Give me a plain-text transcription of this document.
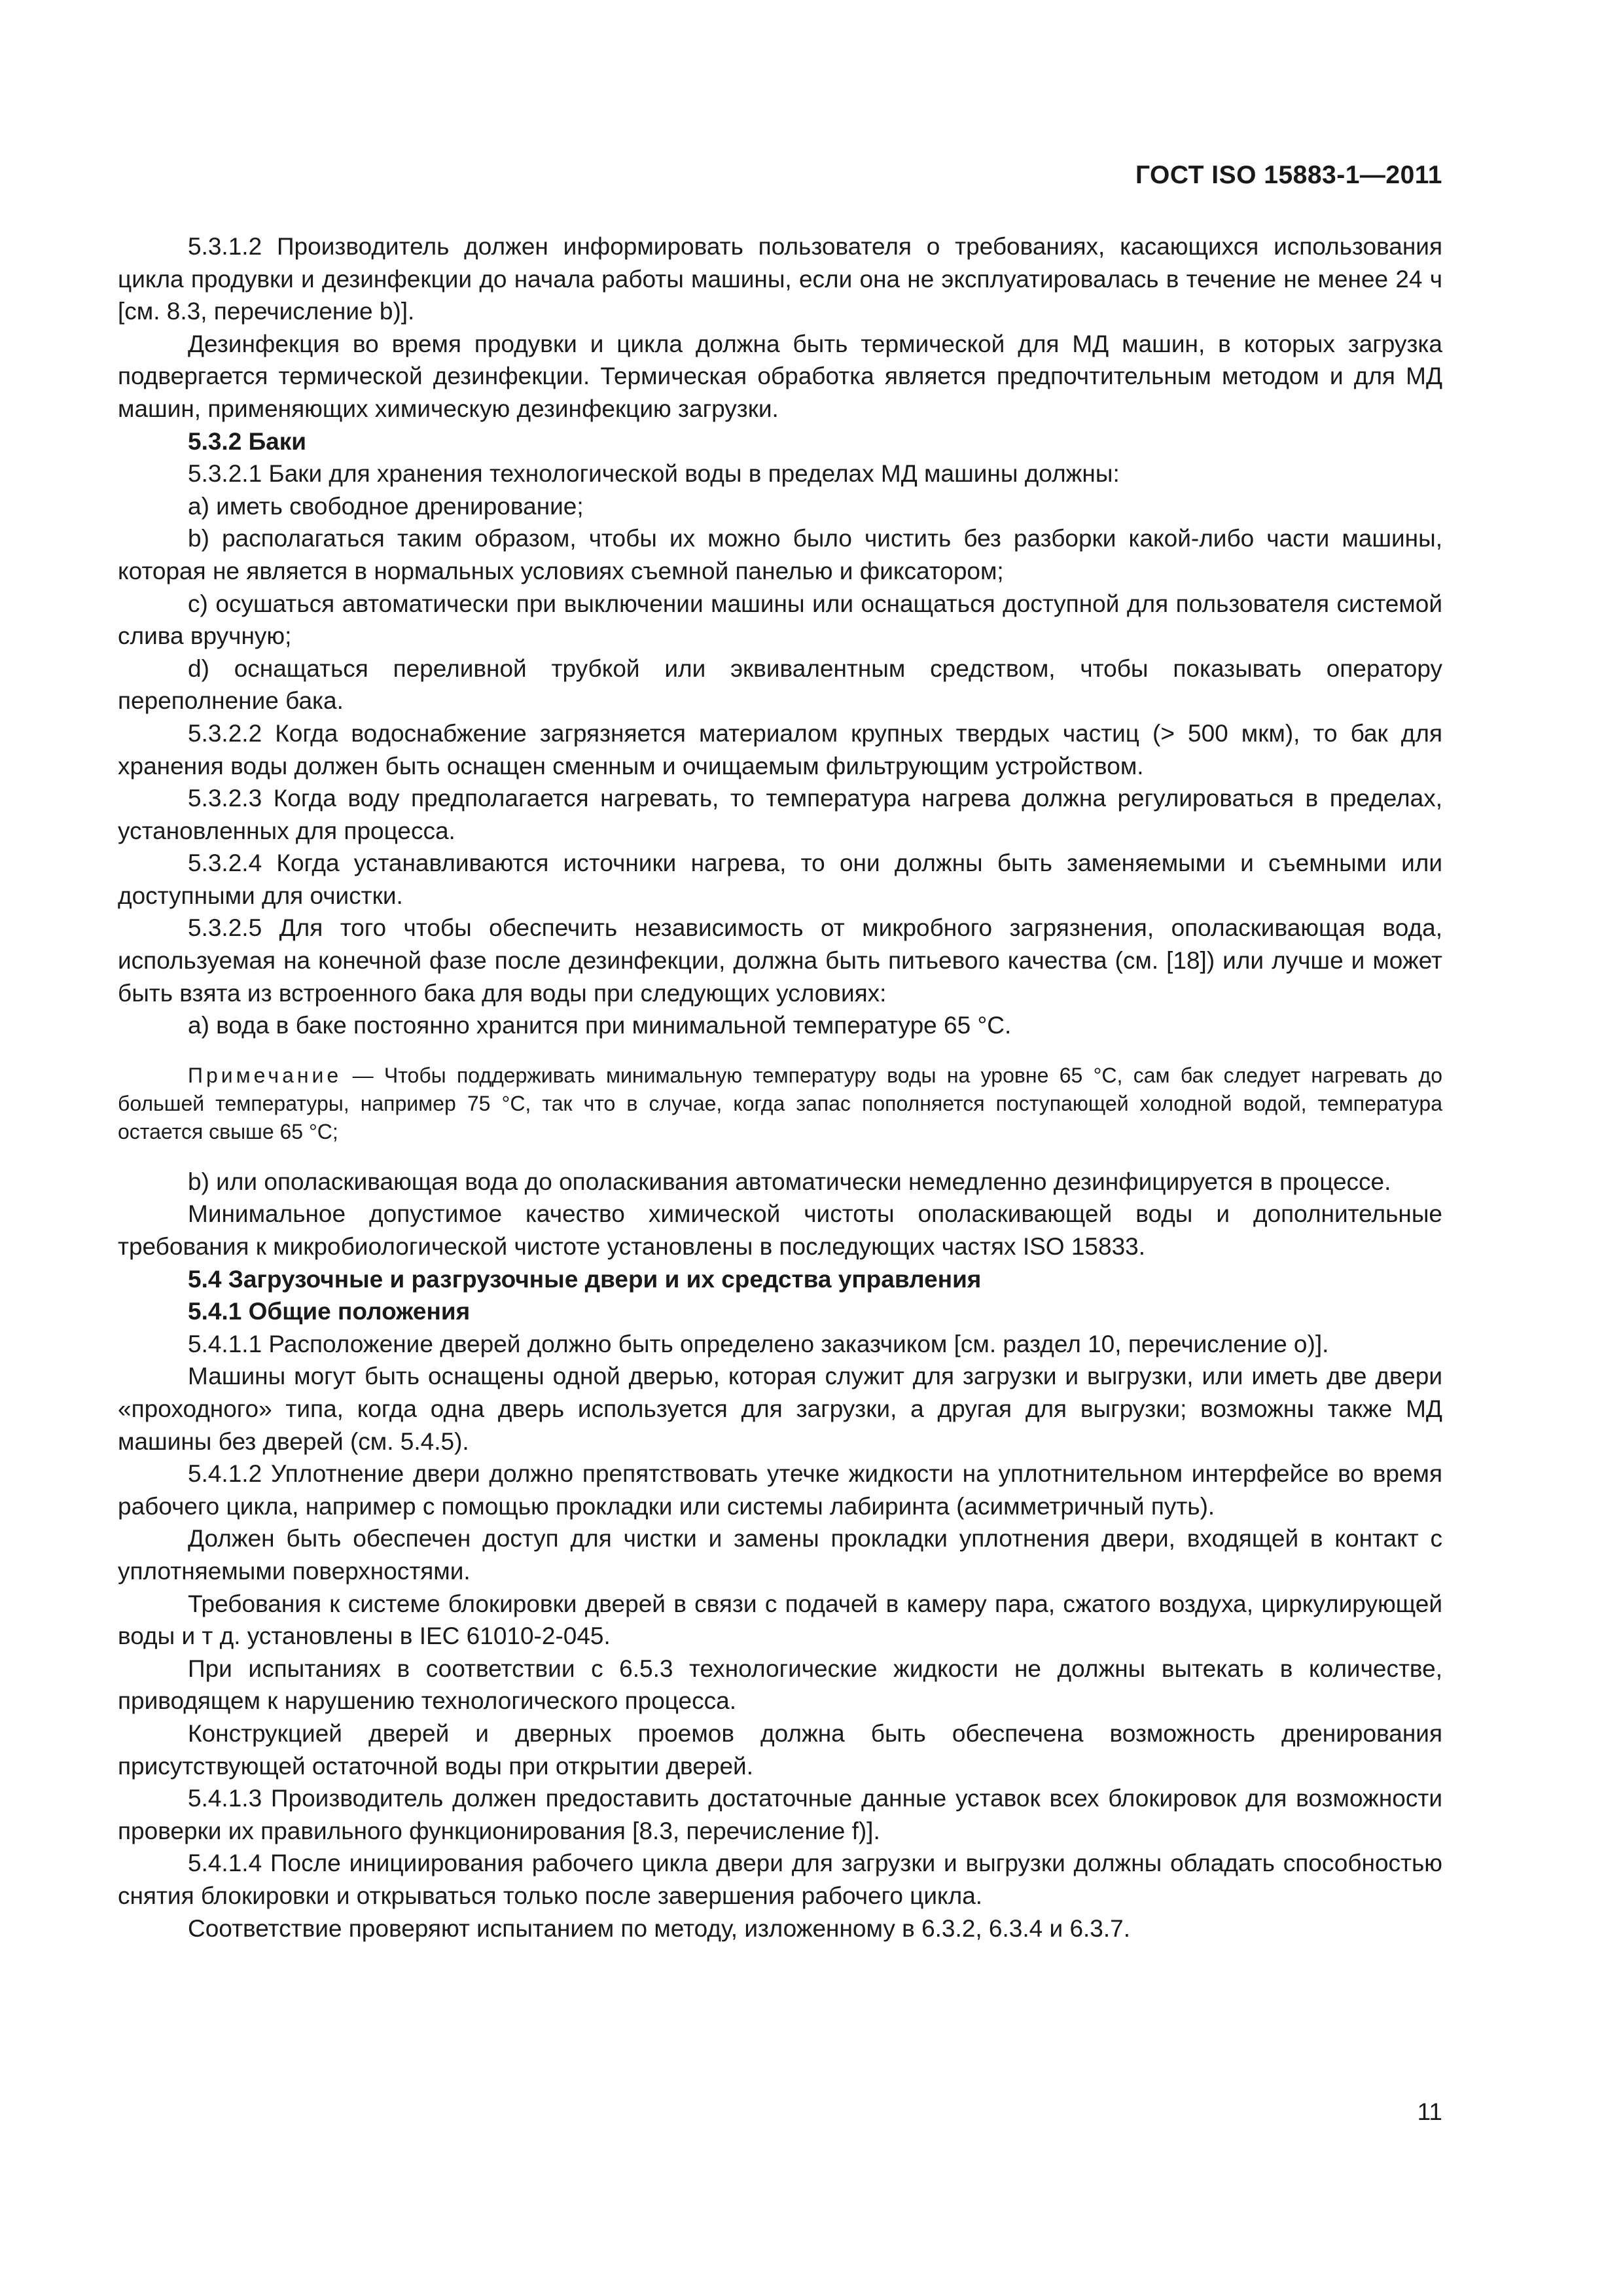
ГОСТ ISO 15883-1—2011

5.3.1.2 Производитель должен информировать пользователя о требованиях, касающихся использования цикла продувки и дезинфекции до начала работы машины, если она не эксплуатировалась в течение не менее 24 ч [см. 8.3, перечисление b)].

Дезинфекция во время продувки и цикла должна быть термической для МД машин, в которых загрузка подвергается термической дезинфекции. Термическая обработка является предпочтительным методом и для МД машин, применяющих химическую дезинфекцию загрузки.

5.3.2 Баки

5.3.2.1 Баки для хранения технологической воды в пределах МД машины должны:

a) иметь свободное дренирование;

b) располагаться таким образом, чтобы их можно было чистить без разборки какой-либо части машины, которая не является в нормальных условиях съемной панелью и фиксатором;

c) осушаться автоматически при выключении машины или оснащаться доступной для пользователя системой слива вручную;

d) оснащаться переливной трубкой или эквивалентным средством, чтобы показывать оператору переполнение бака.

5.3.2.2 Когда водоснабжение загрязняется материалом крупных твердых частиц (> 500 мкм), то бак для хранения воды должен быть оснащен сменным и очищаемым фильтрующим устройством.

5.3.2.3 Когда воду предполагается нагревать, то температура нагрева должна регулироваться в пределах, установленных для процесса.

5.3.2.4 Когда устанавливаются источники нагрева, то они должны быть заменяемыми и съемными или доступными для очистки.

5.3.2.5 Для того чтобы обеспечить независимость от микробного загрязнения, ополаскивающая вода, используемая на конечной фазе после дезинфекции, должна быть питьевого качества (см. [18]) или лучше и может быть взята из встроенного бака для воды при следующих условиях:

a) вода в баке постоянно хранится при минимальной температуре 65 °С.

Примечание — Чтобы поддерживать минимальную температуру воды на уровне 65 °С, сам бак следует нагревать до большей температуры, например 75 °С, так что в случае, когда запас пополняется поступающей холодной водой, температура остается свыше 65 °С;

b) или ополаскивающая вода до ополаскивания автоматически немедленно дезинфицируется в процессе.

Минимальное допустимое качество химической чистоты ополаскивающей воды и дополнительные требования к микробиологической чистоте установлены в последующих частях ISO 15833.

5.4 Загрузочные и разгрузочные двери и их средства управления

5.4.1 Общие положения

5.4.1.1 Расположение дверей должно быть определено заказчиком [см. раздел 10, перечисление о)].

Машины могут быть оснащены одной дверью, которая служит для загрузки и выгрузки, или иметь две двери «проходного» типа, когда одна дверь используется для загрузки, а другая для выгрузки; возможны также МД машины без дверей (см. 5.4.5).

5.4.1.2 Уплотнение двери должно препятствовать утечке жидкости на уплотнительном интерфейсе во время рабочего цикла, например с помощью прокладки или системы лабиринта (асимметричный путь).

Должен быть обеспечен доступ для чистки и замены прокладки уплотнения двери, входящей в контакт с уплотняемыми поверхностями.

Требования к системе блокировки дверей в связи с подачей в камеру пара, сжатого воздуха, циркулирующей воды и т д. установлены в IEC 61010-2-045.

При испытаниях в соответствии с 6.5.3 технологические жидкости не должны вытекать в количестве, приводящем к нарушению технологического процесса.

Конструкцией дверей и дверных проемов должна быть обеспечена возможность дренирования присутствующей остаточной воды при открытии дверей.

5.4.1.3 Производитель должен предоставить достаточные данные уставок всех блокировок для возможности проверки их правильного функционирования [8.3, перечисление f)].

5.4.1.4 После инициирования рабочего цикла двери для загрузки и выгрузки должны обладать способностью снятия блокировки и открываться только после завершения рабочего цикла.

Соответствие проверяют испытанием по методу, изложенному в 6.3.2, 6.3.4 и 6.3.7.

11
